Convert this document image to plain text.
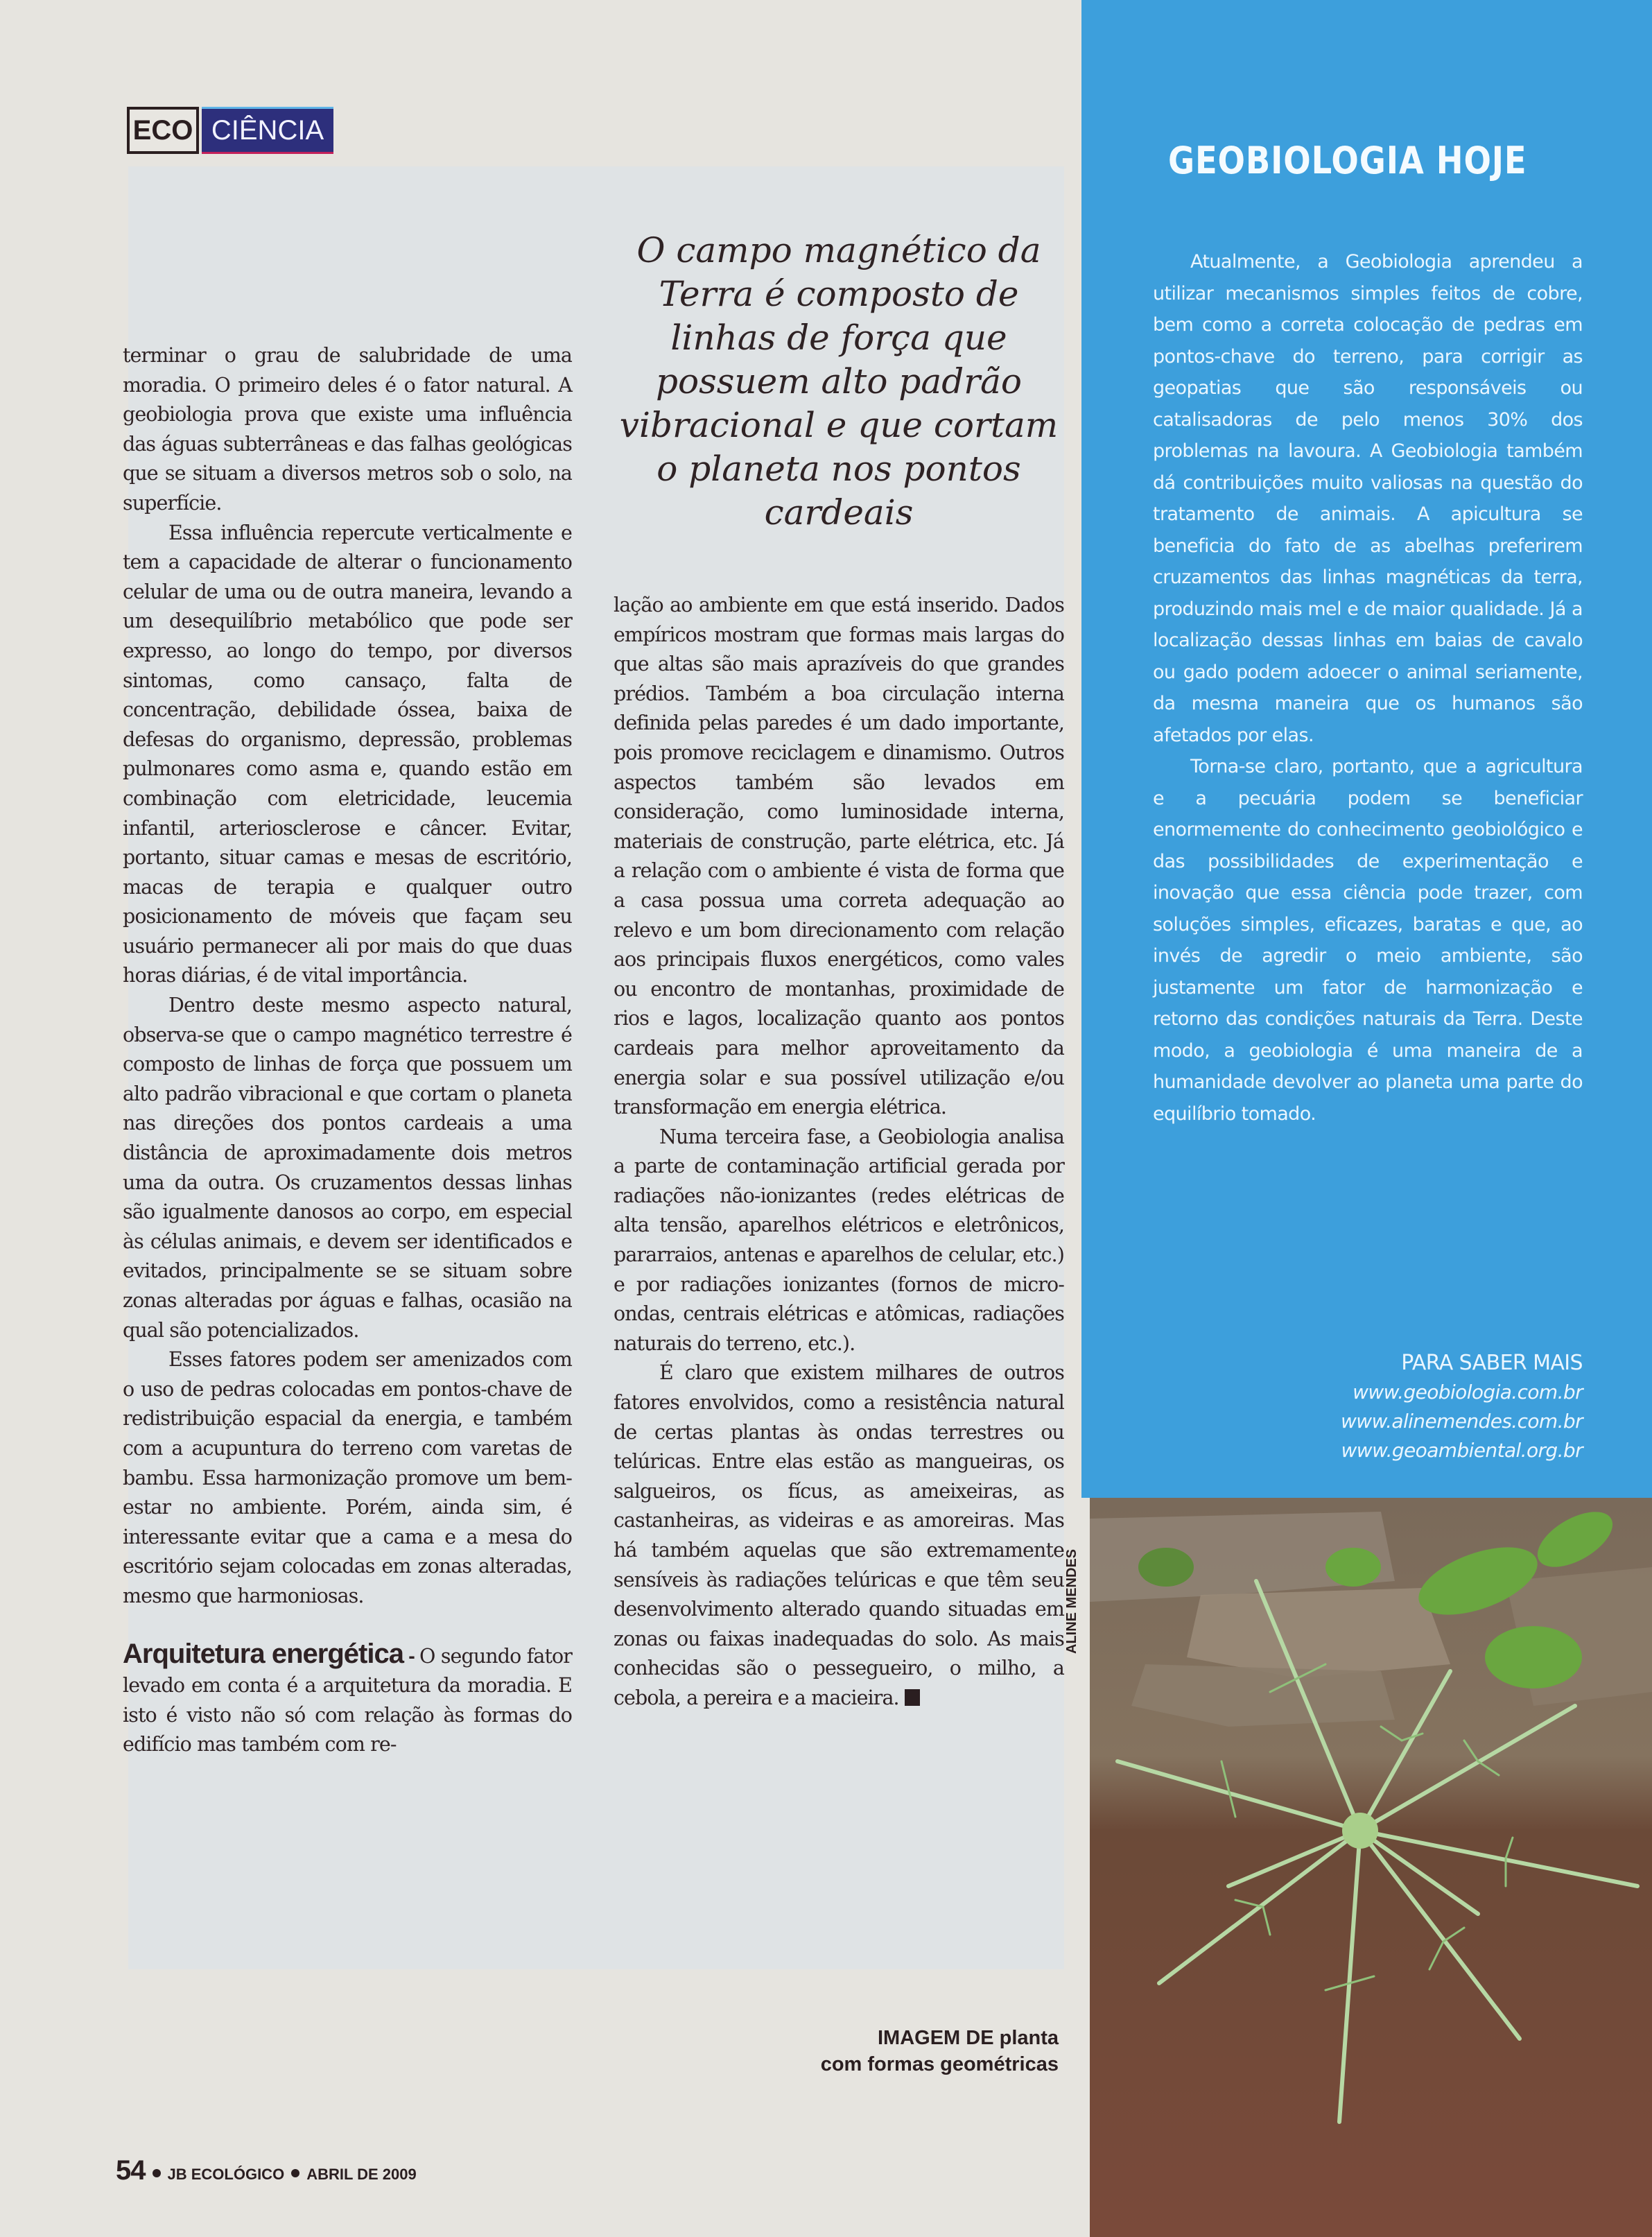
ECO CIÊNCIA
O campo magnético da Terra é composto de linhas de força que possuem alto padrão vibracional e que cortam o planeta nos pontos cardeais

terminar o grau de salubridade de uma moradia. O primeiro deles é o fator natural. A geobiologia prova que existe uma influência das águas subterrâneas e das falhas geológicas que se situam a diversos metros sob o solo, na superfície.

Essa influência repercute verticalmente e tem a capacidade de alterar o funcionamento celular de uma ou de outra maneira, levando a um desequilíbrio metabólico que pode ser expresso, ao longo do tempo, por diversos sintomas, como cansaço, falta de concentração, debilidade óssea, baixa de defesas do organismo, depressão, problemas pulmonares como asma e, quando estão em combinação com eletricidade, leucemia infantil, arteriosclerose e câncer. Evitar, portanto, situar camas e mesas de escritório, macas de terapia e qualquer outro posicionamento de móveis que façam seu usuário permanecer ali por mais do que duas horas diárias, é de vital importância.

Dentro deste mesmo aspecto natural, observa-se que o campo magnético terrestre é composto de linhas de força que possuem um alto padrão vibracional e que cortam o planeta nas direções dos pontos cardeais a uma distância de aproximadamente dois metros uma da outra. Os cruzamentos dessas linhas são igualmente danosos ao corpo, em especial às células animais, e devem ser identificados e evitados, principalmente se se situam sobre zonas alteradas por águas e falhas, ocasião na qual são potencializados.

Esses fatores podem ser amenizados com o uso de pedras colocadas em pontos-chave de redistribuição espacial da energia, e também com a acupuntura do terreno com varetas de bambu. Essa harmonização promove um bem-estar no ambiente. Porém, ainda sim, é interessante evitar que a cama e a mesa do escritório sejam colocadas em zonas alteradas, mesmo que harmoniosas.

Arquitetura energética - O segundo fator levado em conta é a arquitetura da moradia. E isto é visto não só com relação às formas do edifício mas também com re-

lação ao ambiente em que está inserido. Dados empíricos mostram que formas mais largas do que altas são mais aprazíveis do que grandes prédios. Também a boa circulação interna definida pelas paredes é um dado importante, pois promove reciclagem e dinamismo. Outros aspectos também são levados em consideração, como luminosidade interna, materiais de construção, parte elétrica, etc. Já a relação com o ambiente é vista de forma que a casa possua uma correta adequação ao relevo e um bom direcionamento com relação aos principais fluxos energéticos, como vales ou encontro de montanhas, proximidade de rios e lagos, localização quanto aos pontos cardeais para melhor aproveitamento da energia solar e sua possível utilização e/ou transformação em energia elétrica.

Numa terceira fase, a Geobiologia analisa a parte de contaminação artificial gerada por radiações não-ionizantes (redes elétricas de alta tensão, aparelhos elétricos e eletrônicos, pararraios, antenas e aparelhos de celular, etc.) e por radiações ionizantes (fornos de micro-ondas, centrais elétricas e atômicas, radiações naturais do terreno, etc.).

É claro que existem milhares de outros fatores envolvidos, como a resistência natural de certas plantas às ondas terrestres ou telúricas. Entre elas estão as mangueiras, os salgueiros, os fícus, as ameixeiras, as castanheiras, as videiras e as amoreiras. Mas há também aquelas que são extremamente sensíveis às radiações telúricas e que têm seu desenvolvimento alterado quando situadas em zonas ou faixas inadequadas do solo. As mais conhecidas são o pessegueiro, o milho, a cebola, a pereira e a macieira.

IMAGEM DE planta
com formas geométricas
54 JB ECOLÓGICO ABRIL DE 2009
GEOBIOLOGIA HOJE

Atualmente, a Geobiologia aprendeu a utilizar mecanismos simples feitos de cobre, bem como a correta colocação de pedras em pontos-chave do terreno, para corrigir as geopatias que são responsáveis ou catalisadoras de pelo menos 30% dos problemas na lavoura. A Geobiologia também dá contribuições muito valiosas na questão do tratamento de animais. A apicultura se beneficia do fato de as abelhas preferirem cruzamentos das linhas magnéticas da terra, produzindo mais mel e de maior qualidade. Já a localização dessas linhas em baias de cavalo ou gado podem adoecer o animal seriamente, da mesma maneira que os humanos são afetados por elas.

Torna-se claro, portanto, que a agricultura e a pecuária podem se beneficiar enormemente do conhecimento geobiológico e das possibilidades de experimentação e inovação que essa ciência pode trazer, com soluções simples, eficazes, baratas e que, ao invés de agredir o meio ambiente, são justamente um fator de harmonização e retorno das condições naturais da Terra. Deste modo, a geobiologia é uma maneira de a humanidade devolver ao planeta uma parte do equilíbrio tomado.

PARA SABER MAIS
www.geobiologia.com.br
www.alinemendes.com.br
www.geoambiental.org.br
ALINE MENDES
